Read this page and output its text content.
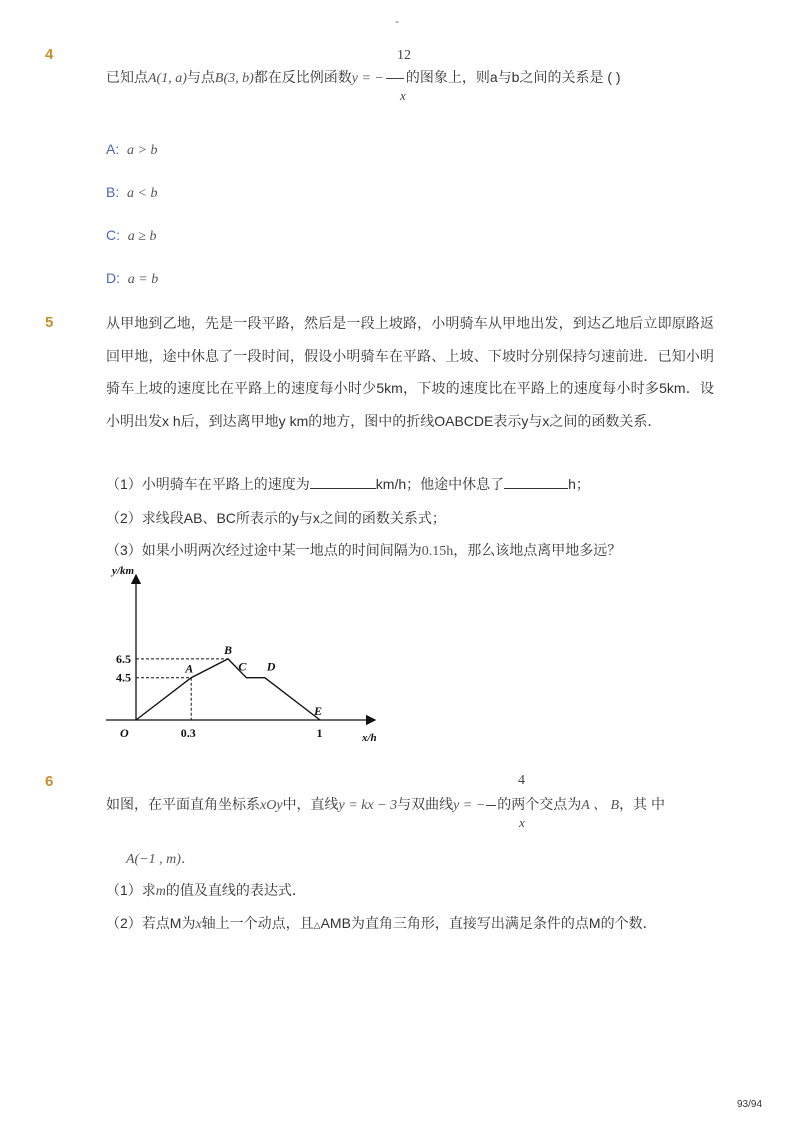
-
93/94
4	12
已知点A(1, a)与点B(3, b)都在反比例函数y = − 的图象上，则a与b之间的关系是 ( )
x
A: a > b
B: a < b
C: a ≥ b
D: a = b
5	从甲地到乙地，先是一段平路，然后是一段上坡路，小明骑车从甲地出发，到达乙地后立即原路返回甲地，途中休息了一段时间，假设小明骑车在平路、上坡、下坡时分别保持匀速前进．已知小明骑车上坡的速度比在平路上的速度每小时少5km，下坡的速度比在平路上的速度每小时多5km．设小明出发x h后，到达离甲地y km的地方，图中的折线OABCDE表示y与x之间的函数关系．
（1）小明骑车在平路上的速度为	km/h；他途中休息了	h；
（2）求线段AB、BC所表示的y与x之间的函数关系式；
（3）如果小明两次经过途中某一地点的时间间隔为0.15h，那么该地点离甲地多远？
A
B
C D
E
6.5
4.5
0.3	1
y/km
x/h
O
6	4
如图，在平面直角坐标系xOy中，直线y = kx − 3与双曲线y = − 的两个交点为A 、 B，其 中
x
A(−1 , m)．
（1）求m的值及直线的表达式．
（2）若点M为x轴上一个动点，且△AMB为直角三角形，直接写出满足条件的点M的个数．
